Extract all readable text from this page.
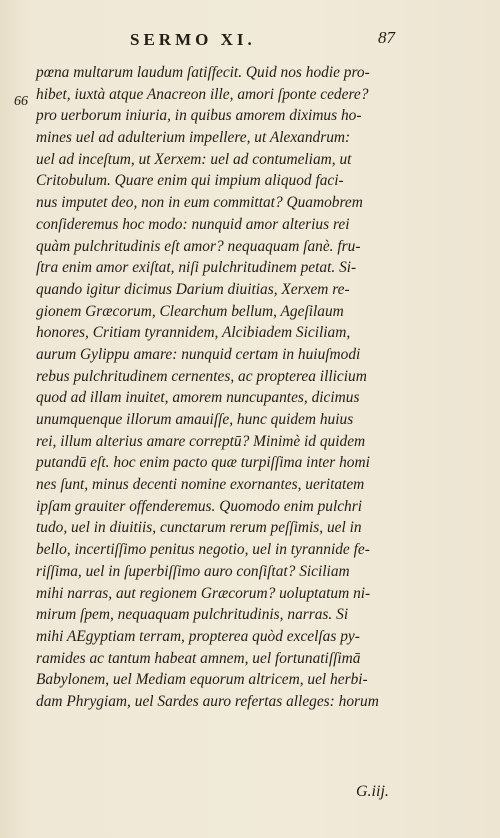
SERMO XI.	87
66
pœna multarum laudum ſatiſfecit. Quid nos hodie pro-
hibet, iuxtà atque Anacreon ille, amori ſponte cedere?
pro uerborum iniuria, in quibus amorem diximus ho-
mines uel ad adulterium impellere, ut Alexandrum:
uel ad inceſtum, ut Xerxem: uel ad contumeliam, ut
Critobulum. Quare enim qui impium aliquod faci-
nus imputet deo, non in eum committat? Quamobrem
conſideremus hoc modo: nunquid amor alterius rei
quàm pulchritudinis eſt amor? nequaquam ſanè. fru-
ſtra enim amor exiſtat, niſi pulchritudinem petat. Si-
quando igitur dicimus Darium diuitias, Xerxem re-
gionem Græcorum, Clearchum bellum, Ageſilaum
honores, Critiam tyrannidem, Alcibiadem Siciliam,
aurum Gylippu amare: nunquid certam in huiuſmodi
rebus pulchritudinem cernentes, ac propterea illicium
quod ad illam inuitet, amorem nuncupantes, dicimus
unumquenque illorum amauiſſe, hunc quidem huius
rei, illum alterius amare correptū? Minimè id quidem
putandū eſt. hoc enim pacto quæ turpiſſima inter homi
nes ſunt, minus decenti nomine exornantes, ueritatem
ipſam grauiter offenderemus. Quomodo enim pulchri
tudo, uel in diuitiis, cunctarum rerum peſſimis, uel in
bello, incertiſſimo penitus negotio, uel in tyrannide fe-
riſſima, uel in ſuperbiſſimo auro conſiſtat? Siciliam
mihi narras, aut regionem Græcorum? uoluptatum ni-
mirum ſpem, nequaquam pulchritudinis, narras. Si
mihi AEgyptiam terram, propterea quòd excelſas py-
ramides ac tantum habeat amnem, uel fortunatiſſimā
Babylonem, uel Mediam equorum altricem, uel herbi-
dam Phrygiam, uel Sardes auro refertas alleges: horum
G.iij.
